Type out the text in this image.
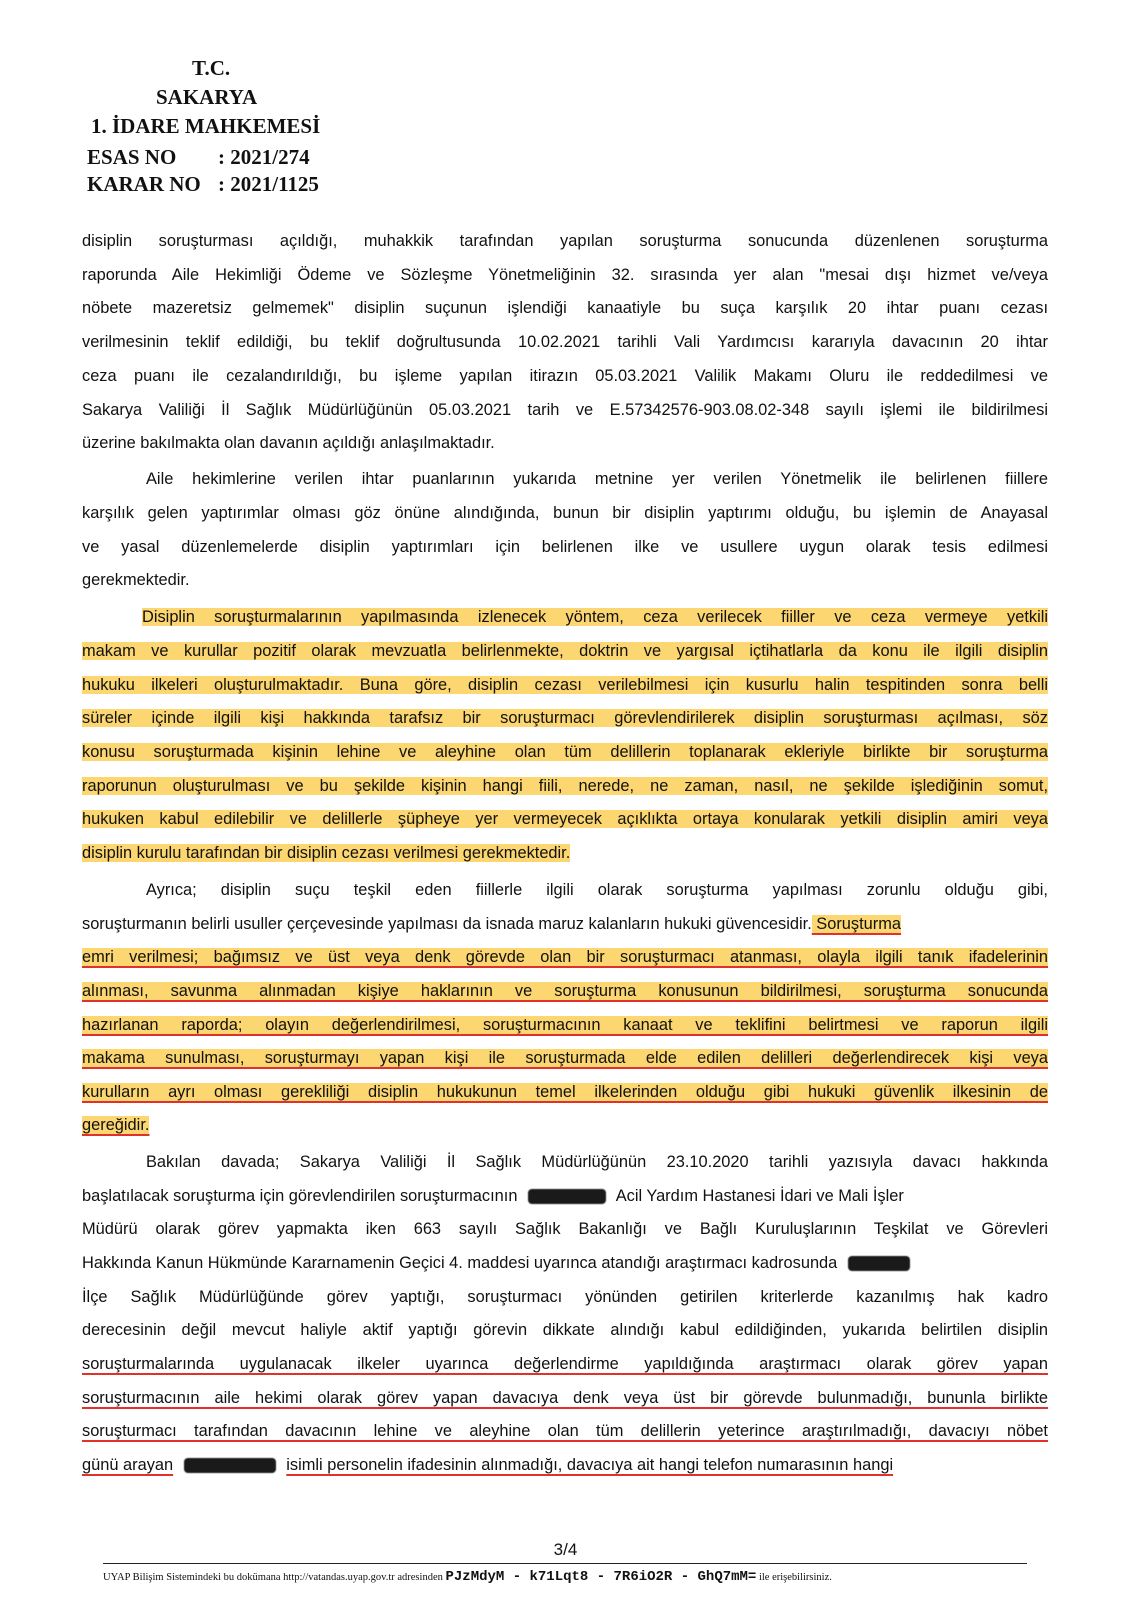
T.C.
SAKARYA
1. İDARE MAHKEMESİ
ESAS NO : 2021/274
KARAR NO : 2021/1125
disiplin soruşturması açıldığı, muhakkik tarafından yapılan soruşturma sonucunda düzenlenen soruşturma
raporunda Aile Hekimliği Ödeme ve Sözleşme Yönetmeliğinin 32. sırasında yer alan "mesai dışı hizmet ve/veya
nöbete mazeretsiz gelmemek" disiplin suçunun işlendiği kanaatiyle bu suça karşılık 20 ihtar puanı cezası
verilmesinin teklif edildiği, bu teklif doğrultusunda 10.02.2021 tarihli Vali Yardımcısı kararıyla davacının 20 ihtar
ceza puanı ile cezalandırıldığı, bu işleme yapılan itirazın 05.03.2021 Valilik Makamı Oluru ile reddedilmesi ve
Sakarya Valiliği İl Sağlık Müdürlüğünün 05.03.2021 tarih ve E.57342576-903.08.02-348 sayılı işlemi ile bildirilmesi
üzerine bakılmakta olan davanın açıldığı anlaşılmaktadır.
Aile hekimlerine verilen ihtar puanlarının yukarıda metnine yer verilen Yönetmelik ile belirlenen fiillere
karşılık gelen yaptırımlar olması göz önüne alındığında, bunun bir disiplin yaptırımı olduğu, bu işlemin de Anayasal
ve yasal düzenlemelerde disiplin yaptırımları için belirlenen ilke ve usullere uygun olarak tesis edilmesi
gerekmektedir.
Disiplin soruşturmalarının yapılmasında izlenecek yöntem, ceza verilecek fiiller ve ceza vermeye yetkili
makam ve kurullar pozitif olarak mevzuatla belirlenmekte, doktrin ve yargısal içtihatlarla da konu ile ilgili disiplin
hukuku ilkeleri oluşturulmaktadır. Buna göre, disiplin cezası verilebilmesi için kusurlu halin tespitinden sonra belli
süreler içinde ilgili kişi hakkında tarafsız bir soruşturmacı görevlendirilerek disiplin soruşturması açılması, söz
konusu soruşturmada kişinin lehine ve aleyhine olan tüm delillerin toplanarak ekleriyle birlikte bir soruşturma
raporunun oluşturulması ve bu şekilde kişinin hangi fiili, nerede, ne zaman, nasıl, ne şekilde işlediğinin somut,
hukuken kabul edilebilir ve delillerle şüpheye yer vermeyecek açıklıkta ortaya konularak yetkili disiplin amiri veya
disiplin kurulu tarafından bir disiplin cezası verilmesi gerekmektedir.
Ayrıca; disiplin suçu teşkil eden fiillerle ilgili olarak soruşturma yapılması zorunlu olduğu gibi,
soruşturmanın belirli usuller çerçevesinde yapılması da isnada maruz kalanların hukuki güvencesidir. Soruşturma
emri verilmesi; bağımsız ve üst veya denk görevde olan bir soruşturmacı atanması, olayla ilgili tanık ifadelerinin
alınması, savunma alınmadan kişiye haklarının ve soruşturma konusunun bildirilmesi, soruşturma sonucunda
hazırlanan raporda; olayın değerlendirilmesi, soruşturmacının kanaat ve teklifini belirtmesi ve raporun ilgili
makama sunulması, soruşturmayı yapan kişi ile soruşturmada elde edilen delilleri değerlendirecek kişi veya
kurulların ayrı olması gerekliliği disiplin hukukunun temel ilkelerinden olduğu gibi hukuki güvenlik ilkesinin de
gereğidir.
Bakılan davada; Sakarya Valiliği İl Sağlık Müdürlüğünün 23.10.2020 tarihli yazısıyla davacı hakkında
başlatılacak soruşturma için görevlendirilen soruşturmacının	Acil Yardım Hastanesi İdari ve Mali İşler
Müdürü olarak görev yapmakta iken 663 sayılı Sağlık Bakanlığı ve Bağlı Kuruluşlarının Teşkilat ve Görevleri
Hakkında Kanun Hükmünde Kararnamenin Geçici 4. maddesi uyarınca atandığı araştırmacı kadrosunda
İlçe Sağlık Müdürlüğünde görev yaptığı, soruşturmacı yönünden getirilen kriterlerde kazanılmış hak kadro
derecesinin değil mevcut haliyle aktif yaptığı görevin dikkate alındığı kabul edildiğinden, yukarıda belirtilen disiplin
soruşturmalarında uygulanacak ilkeler uyarınca değerlendirme yapıldığında araştırmacı olarak görev yapan
soruşturmacının aile hekimi olarak görev yapan davacıya denk veya üst bir görevde bulunmadığı, bununla birlikte
soruşturmacı tarafından davacının lehine ve aleyhine olan tüm delillerin yeterince araştırılmadığı, davacıyı nöbet
günü arayan	isimli personelin ifadesinin alınmadığı, davacıya ait hangi telefon numarasının hangi
3/4
UYAP Bilişim Sistemindeki bu dokümana http://vatandas.uyap.gov.tr adresinden PJzMdyM - k71Lqt8 - 7R6iO2R - GhQ7mM= ile erişebilirsiniz.
